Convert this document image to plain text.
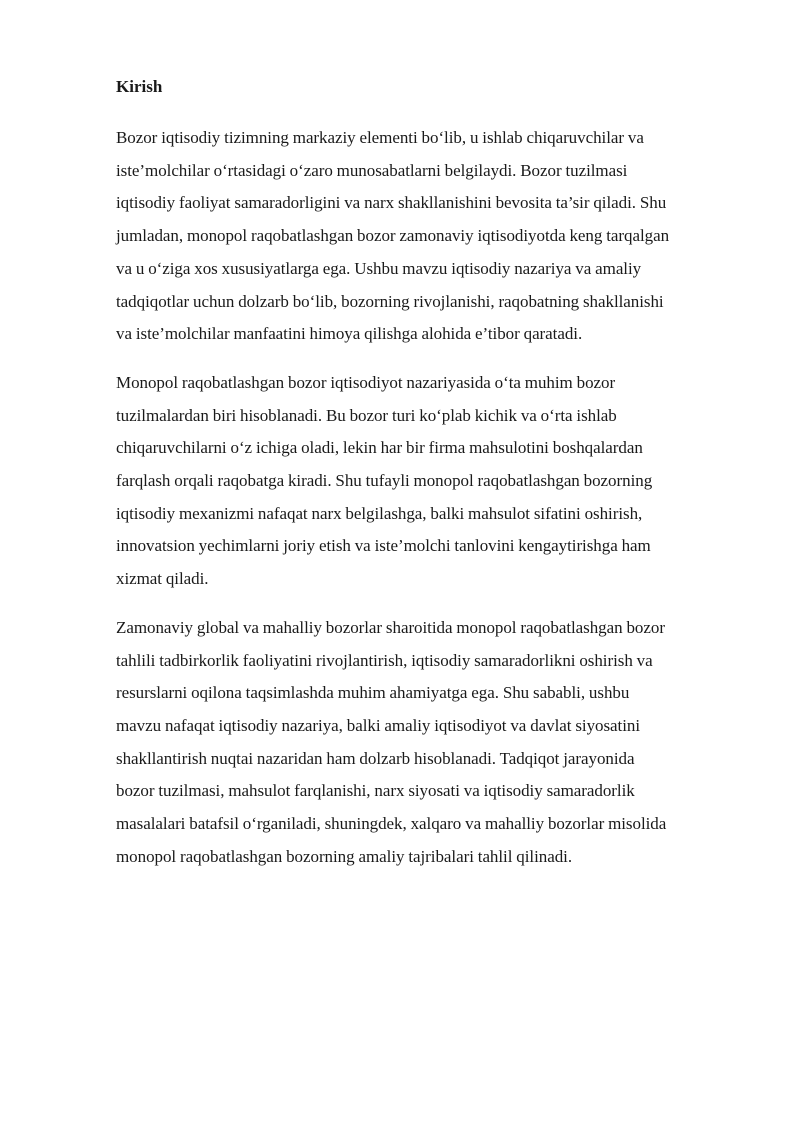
Kirish

Bozor iqtisodiy tizimning markaziy elementi bo‘lib, u ishlab chiqaruvchilar va
iste’molchilar o‘rtasidagi o‘zaro munosabatlarni belgilaydi. Bozor tuzilmasi
iqtisodiy faoliyat samaradorligini va narx shakllanishini bevosita ta’sir qiladi. Shu
jumladan, monopol raqobatlashgan bozor zamonaviy iqtisodiyotda keng tarqalgan
va u o‘ziga xos xususiyatlarga ega. Ushbu mavzu iqtisodiy nazariya va amaliy
tadqiqotlar uchun dolzarb bo‘lib, bozorning rivojlanishi, raqobatning shakllanishi
va iste’molchilar manfaatini himoya qilishga alohida e’tibor qaratadi.

Monopol raqobatlashgan bozor iqtisodiyot nazariyasida o‘ta muhim bozor
tuzilmalardan biri hisoblanadi. Bu bozor turi ko‘plab kichik va o‘rta ishlab
chiqaruvchilarni o‘z ichiga oladi, lekin har bir firma mahsulotini boshqalardan
farqlash orqali raqobatga kiradi. Shu tufayli monopol raqobatlashgan bozorning
iqtisodiy mexanizmi nafaqat narx belgilashga, balki mahsulot sifatini oshirish,
innovatsion yechimlarni joriy etish va iste’molchi tanlovini kengaytirishga ham
xizmat qiladi.

Zamonaviy global va mahalliy bozorlar sharoitida monopol raqobatlashgan bozor
tahlili tadbirkorlik faoliyatini rivojlantirish, iqtisodiy samaradorlikni oshirish va
resurslarni oqilona taqsimlashda muhim ahamiyatga ega. Shu sababli, ushbu
mavzu nafaqat iqtisodiy nazariya, balki amaliy iqtisodiyot va davlat siyosatini
shakllantirish nuqtai nazaridan ham dolzarb hisoblanadi. Tadqiqot jarayonida
bozor tuzilmasi, mahsulot farqlanishi, narx siyosati va iqtisodiy samaradorlik
masalalari batafsil o‘rganiladi, shuningdek, xalqaro va mahalliy bozorlar misolida
monopol raqobatlashgan bozorning amaliy tajribalari tahlil qilinadi.
